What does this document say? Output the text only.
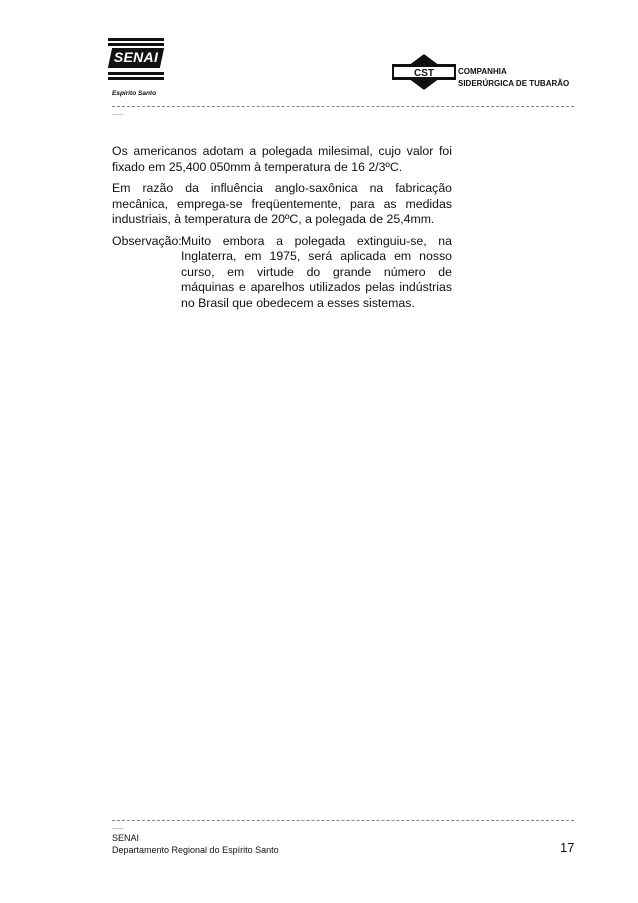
SENAI
Espírito Santo
CST	COMPANHIA
SIDERÚRGICA DE TUBARÃO
____

Os americanos adotam a polegada milesimal, cujo valor foi fixado em 25,400 050mm à temperatura de 16 2/3ºC.

Em razão da influência anglo-saxônica na fabricação mecânica, emprega-se freqüentemente, para as medidas industriais, à temperatura de 20ºC, a polegada de 25,4mm.

Observação: Muito embora a polegada extinguiu-se, na Inglaterra, em 1975, será aplicada em nosso curso, em virtude do grande número de máquinas e aparelhos utilizados pelas indústrias no Brasil que obedecem a esses sistemas.
____
SENAI
Departamento Regional do Espírito Santo	17
